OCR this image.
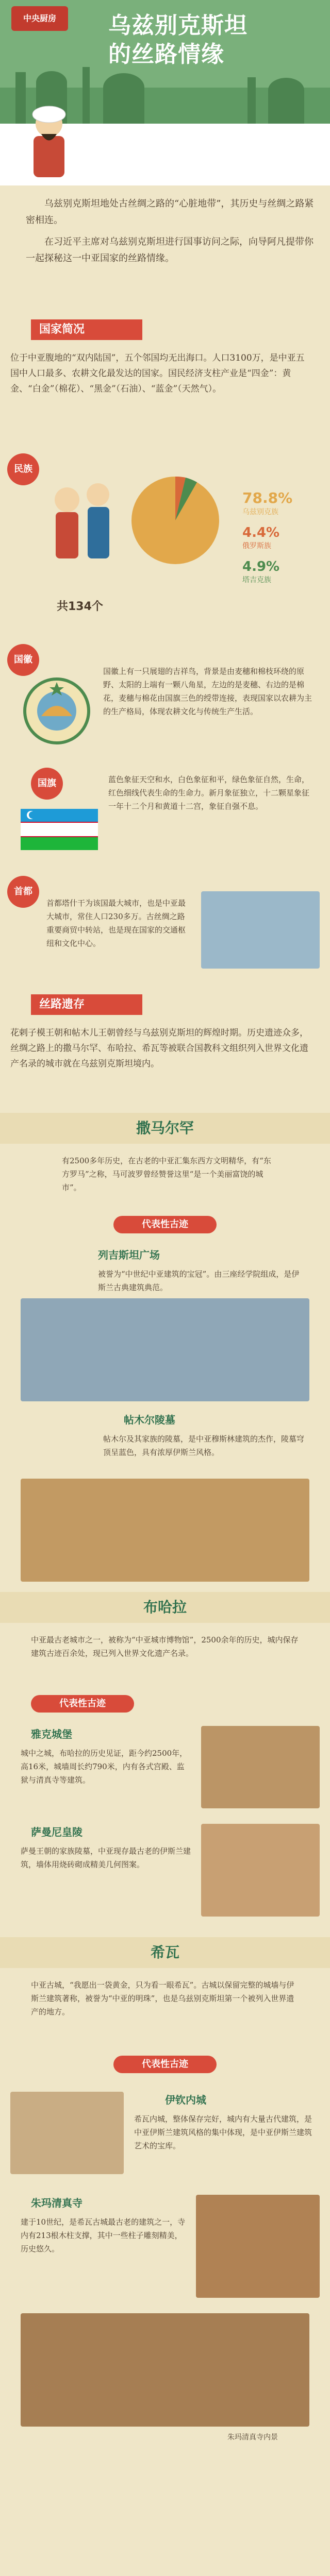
中央厨房	乌兹别克斯坦
的丝路情缘

乌兹别克斯坦地处古丝绸之路的“心脏地带”，其历史与丝绸之路紧密相连。

在习近平主席对乌兹别克斯坦进行国事访问之际，向导阿凡提带你一起探秘这一中亚国家的丝路情缘。

国家简况
位于中亚腹地的“双内陆国”，五个邻国均无出海口。人口3100万，是中亚五国中人口最多、农耕文化最发达的国家。国民经济支柱产业是“四金”：黄金、“白金”（棉花）、“黑金”（石油）、“蓝金”（天然气）。
民族
78.8%
乌兹别克族
4.4%
俄罗斯族
4.9%
塔吉克族
共134个
国徽
国徽上有一只展翅的吉祥鸟，背景是由麦穗和棉枝环绕的原野、太阳的上端有一颗八角星，左边的是麦穗、右边的是棉花，麦穗与棉花由国旗三色的绶带连接，表现国家以农耕为主的生产格局，体现农耕文化与传统生产生活。
国旗	蓝色象征天空和水，白色象征和平，绿色象征自然，生命，红色细线代表生命的生命力。新月象征独立，十二颗星象征一年十二个月和黄道十二宫，象征自强不息。
首都
首都塔什干为该国最大城市，也是中亚最大城市，常住人口230多万。古丝绸之路重要商贸中转站，也是现在国家的交通枢纽和文化中心。
丝路遗存
花剌子模王朝和帖木儿王朝曾经与乌兹别克斯坦的辉煌时期。历史遗迹众多，丝绸之路上的撒马尔罕、布哈拉、希瓦等被联合国教科文组织列入世界文化遗产名录的城市就在乌兹别克斯坦境内。
撒马尔罕
有2500多年历史，在古老的中亚汇集东西方文明精华，有“东方罗马”之称，马可波罗曾经赞誉这里“是一个美丽富饶的城市”。
代表性古迹
列吉斯坦广场
被誉为“中世纪中亚建筑的宝冠”。由三座经学院组成，是伊斯兰古典建筑典范。
帖木尔陵墓
帖木尔及其家族的陵墓，是中亚穆斯林建筑的杰作，陵墓穹顶呈蓝色，具有浓厚伊斯兰风格。
布哈拉
中亚最古老城市之一，被称为“中亚城市博物馆”，2500余年的历史，城内保存建筑古迹百余处，现已列入世界文化遗产名录。
代表性古迹
雅克城堡
城中之城，布哈拉的历史见证，距今约2500年，高16米，城墙周长约790米，内有各式宫殿、监狱与清真寺等建筑。
萨曼尼皇陵
萨曼王朝的家族陵墓，中亚现存最古老的伊斯兰建筑，墙体用烧砖砌成精美几何图案。
希瓦
中亚古城，“我愿出一袋黄金，只为看一眼希瓦”。古城以保留完整的城墙与伊斯兰建筑著称，被誉为“中亚的明珠”，也是乌兹别克斯坦第一个被列入世界遗产的地方。
代表性古迹
伊钦内城
希瓦内城，整体保存完好，城内有大量古代建筑，是中亚伊斯兰建筑风格的集中体现，是中亚伊斯兰建筑艺术的宝库。
朱玛清真寺
建于10世纪，是希瓦古城最古老的建筑之一，寺内有213根木柱支撑，其中一些柱子雕刻精美，历史悠久。
朱玛清真寺内景
